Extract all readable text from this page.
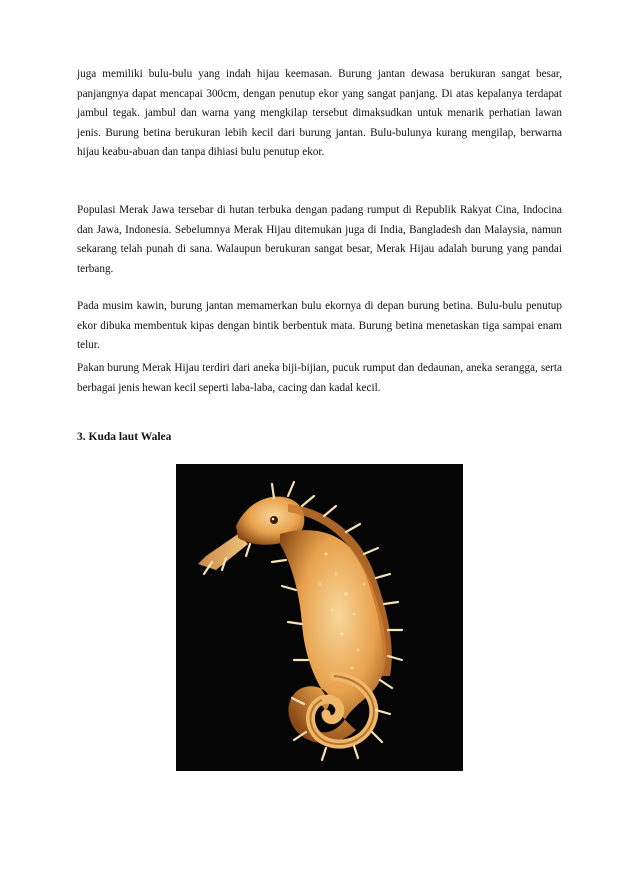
juga memiliki bulu-bulu yang indah hijau keemasan. Burung jantan dewasa berukuran sangat besar, panjangnya dapat mencapai 300cm, dengan penutup ekor yang sangat panjang. Di atas kepalanya terdapat jambul tegak. jambul dan warna yang mengkilap tersebut dimaksudkan untuk menarik perhatian lawan jenis. Burung betina berukuran lebih kecil dari burung jantan. Bulu-bulunya kurang mengilap, berwarna hijau keabu-abuan dan tanpa dihiasi bulu penutup ekor.

Populasi Merak Jawa tersebar di hutan terbuka dengan padang rumput di Republik Rakyat Cina, Indocina dan Jawa, Indonesia. Sebelumnya Merak Hijau ditemukan juga di India, Bangladesh dan Malaysia, namun sekarang telah punah di sana. Walaupun berukuran sangat besar, Merak Hijau adalah burung yang pandai terbang.

Pada musim kawin, burung jantan memamerkan bulu ekornya di depan burung betina. Bulu-bulu penutup ekor dibuka membentuk kipas dengan bintik berbentuk mata. Burung betina menetaskan tiga sampai enam telur.

Pakan burung Merak Hijau terdiri dari aneka biji-bijian, pucuk rumput dan dedaunan, aneka serangga, serta berbagai jenis hewan kecil seperti laba-laba, cacing dan kadal kecil.

3. Kuda laut Walea
